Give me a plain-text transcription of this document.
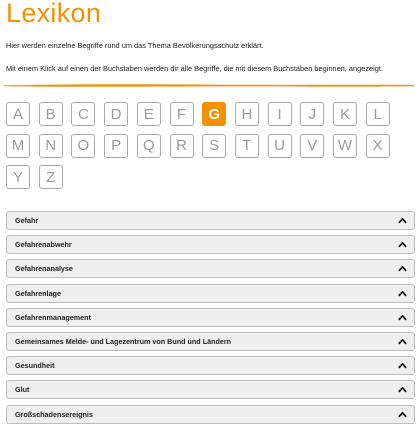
Lexikon
Hier werden einzelne Begriffe rund um das Thema Bevölkerungsschutz erklärt.
Mit einem Klick auf einen der Buchstaben werden dir alle Begriffe, die mit diesem Buchstaben beginnen, angezeigt.
A	B	C	D	E	F	G	H	I	J	K	L
M	N	O	P	Q	R	S	T	U	V	W	X
Y	Z
Gefahr
Gefahrenabwehr
Gefahrenanalyse
Gefahrenlage
Gefahrenmanagement
Gemeinsames Melde- und Lagezentrum von Bund und Ländern
Gesundheit
Glut
Großschadensereignis
